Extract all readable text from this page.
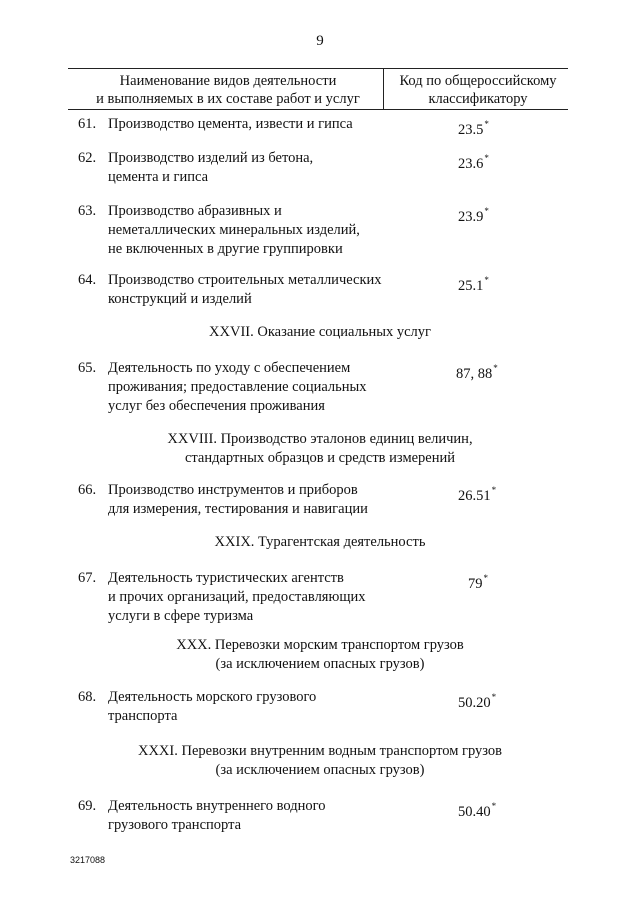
9
Наименование видов деятельности
и выполняемых в их составе работ и услуг
Код по общероссийскому
классификатору
61. Производство цемента, извести и гипса	23.5*
62. Производство изделий из бетона,
цемента и гипса
23.6*
63. Производство абразивных и
неметаллических минеральных изделий,
не включенных в другие группировки
23.9*
64. Производство строительных металлических
конструкций и изделий
25.1*
XXVII. Оказание социальных услуг
65. Деятельность по уходу с обеспечением
проживания; предоставление социальных
услуг без обеспечения проживания
87, 88*
XXVIII. Производство эталонов единиц величин,
стандартных образцов и средств измерений
66. Производство инструментов и приборов
для измерения, тестирования и навигации
26.51*
XXIX. Турагентская деятельность
67. Деятельность туристических агентств
и прочих организаций, предоставляющих
услуги в сфере туризма
79*
XXX. Перевозки морским транспортом грузов
(за исключением опасных грузов)
68. Деятельность морского грузового
транспорта
50.20*
XXXI. Перевозки внутренним водным транспортом грузов
(за исключением опасных грузов)
69. Деятельность внутреннего водного
грузового транспорта
50.40*
3217088
